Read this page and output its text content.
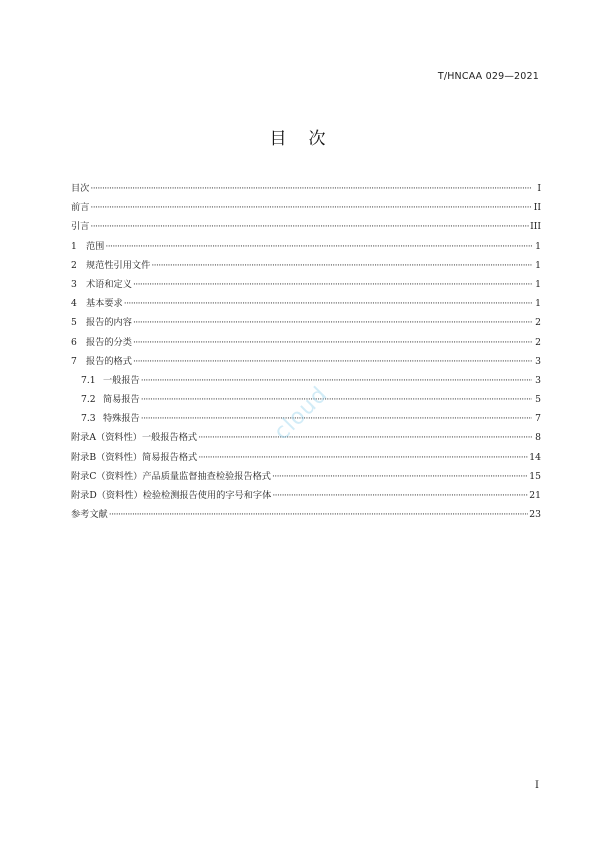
T/HNCAA 029—2021
目次
目次 ·····	I
前言 ·····	II
引言 ·····	III
1 范围 ·····	1
2 规范性引用文件 ·····	1
3 术语和定义 ·····	1
4 基本要求 ·····	1
5 报告的内容 ·····	2
6 报告的分类 ·····	2
7 报告的格式 ·····	3
7.1 一般报告 ·····	3
7.2 简易报告 ·····	5
7.3 特殊报告 ·····	7
附录A（资料性） 一般报告格式 ·····	8
附录B（资料性） 简易报告格式 ·····	14
附录C（资料性） 产品质量监督抽查检验报告格式 ·····	15
附录D（资料性） 检验检测报告使用的字号和字体 ·····	21
参考文献 ·····	23
cloud
I
